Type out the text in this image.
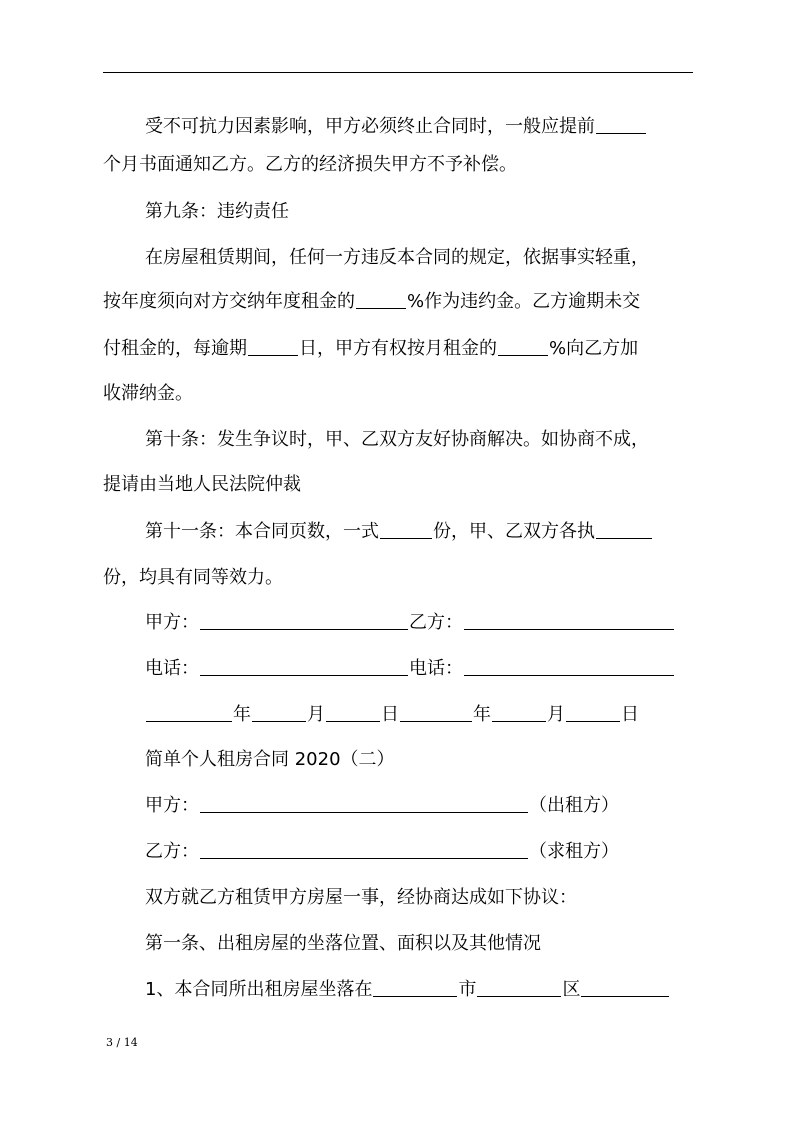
受不可抗力因素影响，甲方必须终止合同时，一般应提前
个月书面通知乙方。乙方的经济损失甲方不予补偿。
第九条：违约责任
在房屋租赁期间，任何一方违反本合同的规定，依据事实轻重，
按年度须向对方交纳年度租金的	%作为违约金。乙方逾期未交
付租金的，每逾期	日，甲方有权按月租金的	%向乙方加
收滞纳金。
第十条：发生争议时，甲、乙双方友好协商解决。如协商不成，
提请由当地人民法院仲裁
第十一条：本合同页数，一式	份，甲、乙双方各执
份，均具有同等效力。
甲方：	乙方：
电话：	电话：
年	月	日	年	月	日
简单个人租房合同 2020（二）
甲方：	（出租方）
乙方：	（求租方）
双方就乙方租赁甲方房屋一事，经协商达成如下协议：
第一条、出租房屋的坐落位置、面积以及其他情况
1、本合同所出租房屋坐落在	市	区
3 / 14
